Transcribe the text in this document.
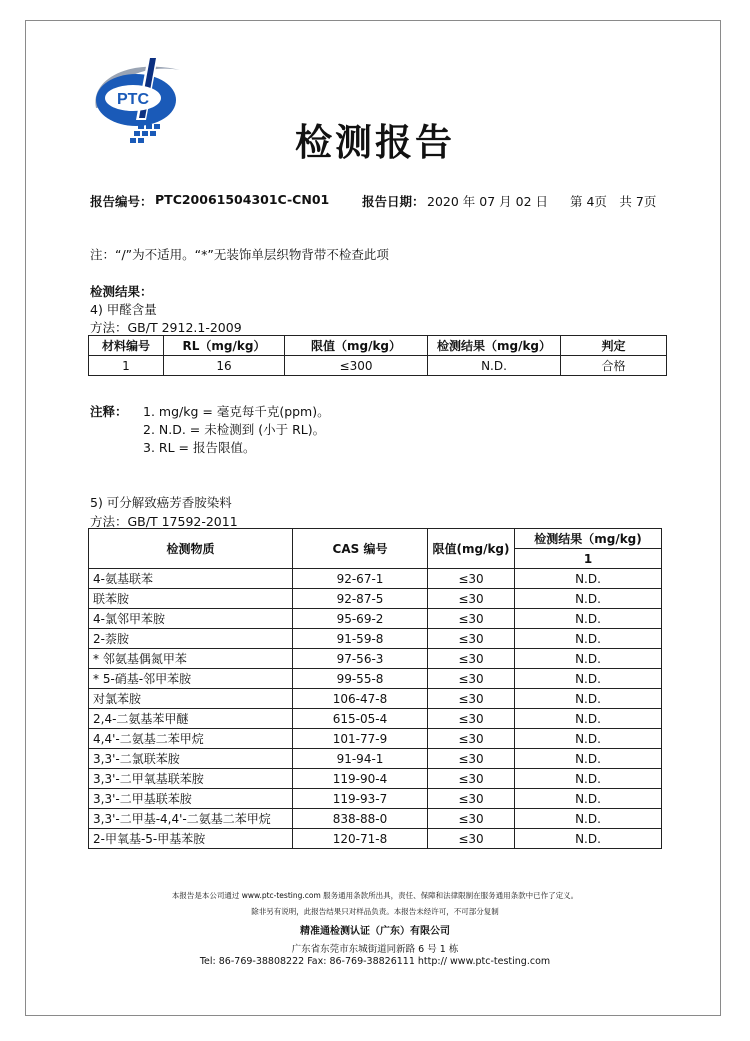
PTC
检测报告
报告编号： PTC20061504301C-CN01	报告日期： 2020 年 07 月 02 日 第 4页　共 7页
注：“/”为不适用。“*”无装饰单层织物背带不检查此项
检测结果：
4) 甲醛含量
方法：GB/T 2912.1-2009
材料编号	RL（mg/kg）	限值（mg/kg）	检测结果（mg/kg）	判定
1	16	≤300	N.D.	合格
注释： 1. mg/kg = 毫克每千克(ppm)。
2. N.D. = 未检测到 (小于 RL)。
3. RL = 报告限值。
5) 可分解致癌芳香胺染料
方法：GB/T 17592-2011
检测物质	CAS 编号	限值(mg/kg)	检测结果（mg/kg)
			1
4-氨基联苯	92-67-1	≤30	N.D.
联苯胺	92-87-5	≤30	N.D.
4-氯邻甲苯胺	95-69-2	≤30	N.D.
2-萘胺	91-59-8	≤30	N.D.
* 邻氨基偶氮甲苯	97-56-3	≤30	N.D.
* 5-硝基-邻甲苯胺	99-55-8	≤30	N.D.
对氯苯胺	106-47-8	≤30	N.D.
2,4-二氨基苯甲醚	615-05-4	≤30	N.D.
4,4'-二氨基二苯甲烷	101-77-9	≤30	N.D.
3,3'-二氯联苯胺	91-94-1	≤30	N.D.
3,3'-二甲氧基联苯胺	119-90-4	≤30	N.D.
3,3'-二甲基联苯胺	119-93-7	≤30	N.D.
3,3'-二甲基-4,4'-二氨基二苯甲烷	838-88-0	≤30	N.D.
2-甲氧基-5-甲基苯胺	120-71-8	≤30	N.D.
本报告是本公司通过 www.ptc-testing.com 服务通用条款所出具，责任、保障和法律限制在服务通用条款中已作了定义。
除非另有说明，此报告结果只对样品负责。本报告未经许可，不可部分复制
精准通检测认证（广东）有限公司
广东省东莞市东城街道同新路 6 号 1 栋
Tel: 86-769-38808222 Fax: 86-769-38826111 http:// www.ptc-testing.com
